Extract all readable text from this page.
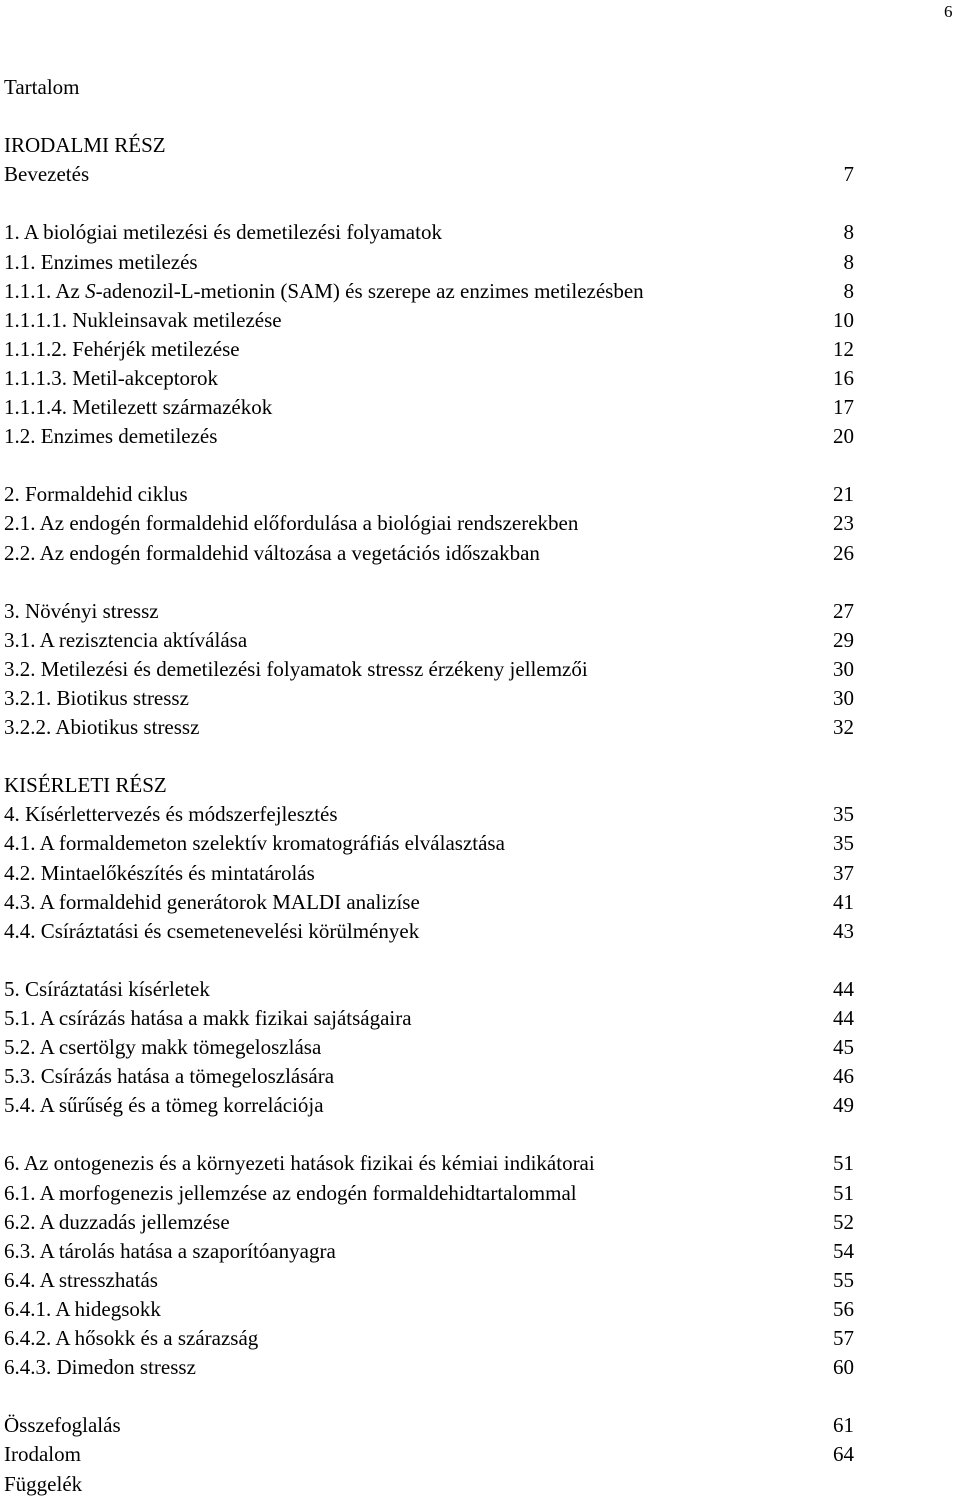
6
Tartalom
IRODALMI RÉSZ
Bevezetés	7
1. A biológiai metilezési és demetilezési folyamatok	8
1.1. Enzimes metilezés	8
1.1.1. Az S-adenozil-L-metionin (SAM) és szerepe az enzimes metilezésben	8
1.1.1.1. Nukleinsavak metilezése	10
1.1.1.2. Fehérjék metilezése	12
1.1.1.3. Metil-akceptorok	16
1.1.1.4. Metilezett származékok	17
1.2. Enzimes demetilezés	20
2. Formaldehid ciklus	21
2.1. Az endogén formaldehid előfordulása a biológiai rendszerekben	23
2.2. Az endogén formaldehid változása a vegetációs időszakban	26
3. Növényi stressz	27
3.1. A rezisztencia aktíválása	29
3.2. Metilezési és demetilezési folyamatok stressz érzékeny jellemzői	30
3.2.1. Biotikus stressz	30
3.2.2. Abiotikus stressz	32
KISÉRLETI RÉSZ
4. Kísérlettervezés és módszerfejlesztés	35
4.1. A formaldemeton szelektív kromatográfiás elválasztása	35
4.2. Mintaelőkészítés és mintatárolás	37
4.3. A formaldehid generátorok MALDI analizíse	41
4.4. Csíráztatási és csemetenevelési körülmények	43
5. Csíráztatási kísérletek	44
5.1. A csírázás hatása a makk fizikai sajátságaira	44
5.2. A csertölgy makk tömegeloszlása	45
5.3. Csírázás hatása a tömegeloszlására	46
5.4. A sűrűség és a tömeg korrelációja	49
6. Az ontogenezis és a környezeti hatások fizikai és kémiai indikátorai	51
6.1. A morfogenezis jellemzése az endogén formaldehidtartalommal	51
6.2. A duzzadás jellemzése	52
6.3. A tárolás hatása a szaporítóanyagra	54
6.4. A stresszhatás	55
6.4.1. A hidegsokk	56
6.4.2. A hősokk és a szárazság	57
6.4.3. Dimedon stressz	60
Összefoglalás	61
Irodalom	64
Függelék
